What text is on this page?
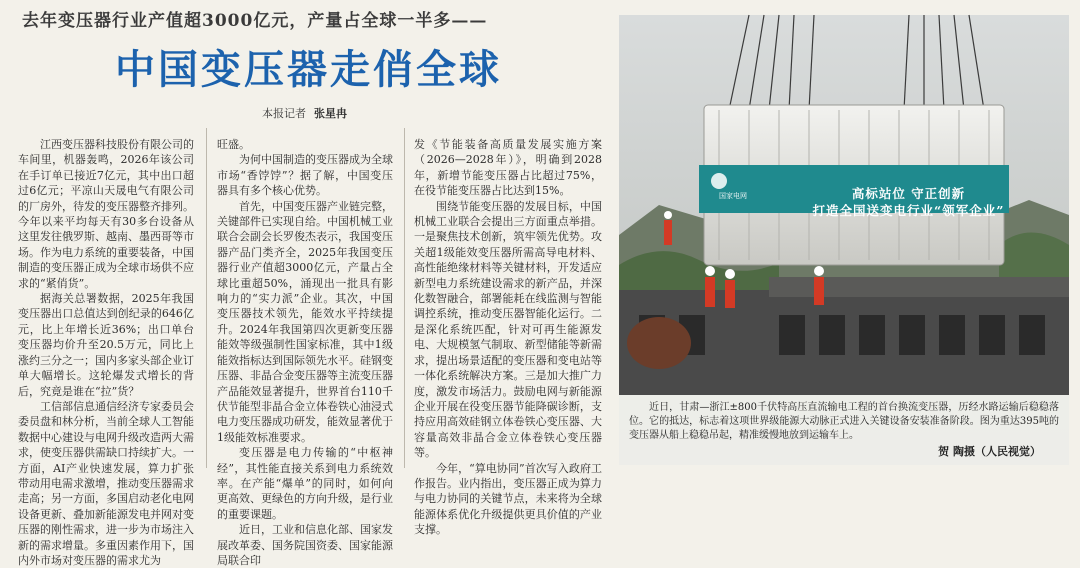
去年变压器行业产值超3000亿元，产量占全球一半多——
中国变压器走俏全球
本报记者 张星冉

江西变压器科技股份有限公司的车间里，机器轰鸣，2026年该公司在手订单已接近7亿元，其中出口超过6亿元；平凉山天晟电气有限公司的厂房外，待发的变压器整齐排列。今年以来平均每天有30多台设备从这里发往俄罗斯、越南、墨西哥等市场。作为电力系统的重要装备，中国制造的变压器正成为全球市场供不应求的“紧俏货”。

据海关总署数据，2025年我国变压器出口总值达到创纪录的646亿元，比上年增长近36%；出口单台变压器均价升至20.5万元，同比上涨约三分之一；国内多家头部企业订单大幅增长。这轮爆发式增长的背后，究竟是谁在“拉”货？

工信部信息通信经济专家委员会委员盘和林分析，当前全球人工智能数据中心建设与电网升级改造两大需求，使变压器供需缺口持续扩大。一方面，AI产业快速发展，算力扩张带动用电需求激增，推动变压器需求走高；另一方面，多国启动老化电网设备更新、叠加新能源发电并网对变压器的刚性需求，进一步为市场注入新的需求增量。多重因素作用下，国内外市场对变压器的需求尤为

旺盛。

为何中国制造的变压器成为全球市场“香饽饽”？据了解，中国变压器具有多个核心优势。

首先，中国变压器产业链完整，关键部件已实现自给。中国机械工业联合会副会长罗俊杰表示，我国变压器产品门类齐全，2025年我国变压器行业产值超3000亿元，产量占全球比重超50%，涌现出一批具有影响力的“实力派”企业。其次，中国变压器技术领先，能效水平持续提升。2024年我国第四次更新变压器能效等级强制性国家标准，其中1级能效指标达到国际领先水平。硅钢变压器、非晶合金变压器等主流变压器产品能效显著提升，世界首台110千伏节能型非晶合金立体卷铁心油浸式电力变压器成功研发，能效显著优于1级能效标准要求。

变压器是电力传输的“中枢神经”，其性能直接关系到电力系统效率。在产能“爆单”的同时，如何向更高效、更绿色的方向升级，是行业的重要课题。

近日，工业和信息化部、国家发展改革委、国务院国资委、国家能源局联合印

发《节能装备高质量发展实施方案（2026—2028年）》，明确到2028年，新增节能变压器占比超过75%，在役节能变压器占比达到15%。

围绕节能变压器的发展目标，中国机械工业联合会提出三方面重点举措。一是聚焦技术创新，筑牢领先优势。攻关超1级能效变压器所需高导电材料、高性能绝缘材料等关键材料，开发适应新型电力系统建设需求的新产品，并深化数智融合，部署能耗在线监测与智能调控系统，推动变压器智能化运行。二是深化系统匹配，针对可再生能源发电、大规模氢气制取、新型储能等新需求，提出场景适配的变压器和变电站等一体化系统解决方案。三是加大推广力度，激发市场活力。鼓励电网与新能源企业开展在役变压器节能降碳诊断，支持应用高效硅钢立体卷铁心变压器、大容量高效非晶合金立体卷铁心变压器等。

今年，“算电协同”首次写入政府工作报告。业内指出，变压器正成为算力与电力协同的关键节点，未来将为全球能源体系优化升级提供更具价值的产业支撑。

国家电网	高标站位 守正创新
打造全国送变电行业“领军企业”
近日，甘肃—浙江±800千伏特高压直流输电工程的首台换流变压器，历经水路运输后稳稳落位。它的抵达，标志着这项世界级能源大动脉正式进入关键设备安装准备阶段。图为重达395吨的变压器从船上稳稳吊起，精准缓慢地放到运输车上。
贺 陶摄（人民视觉）
